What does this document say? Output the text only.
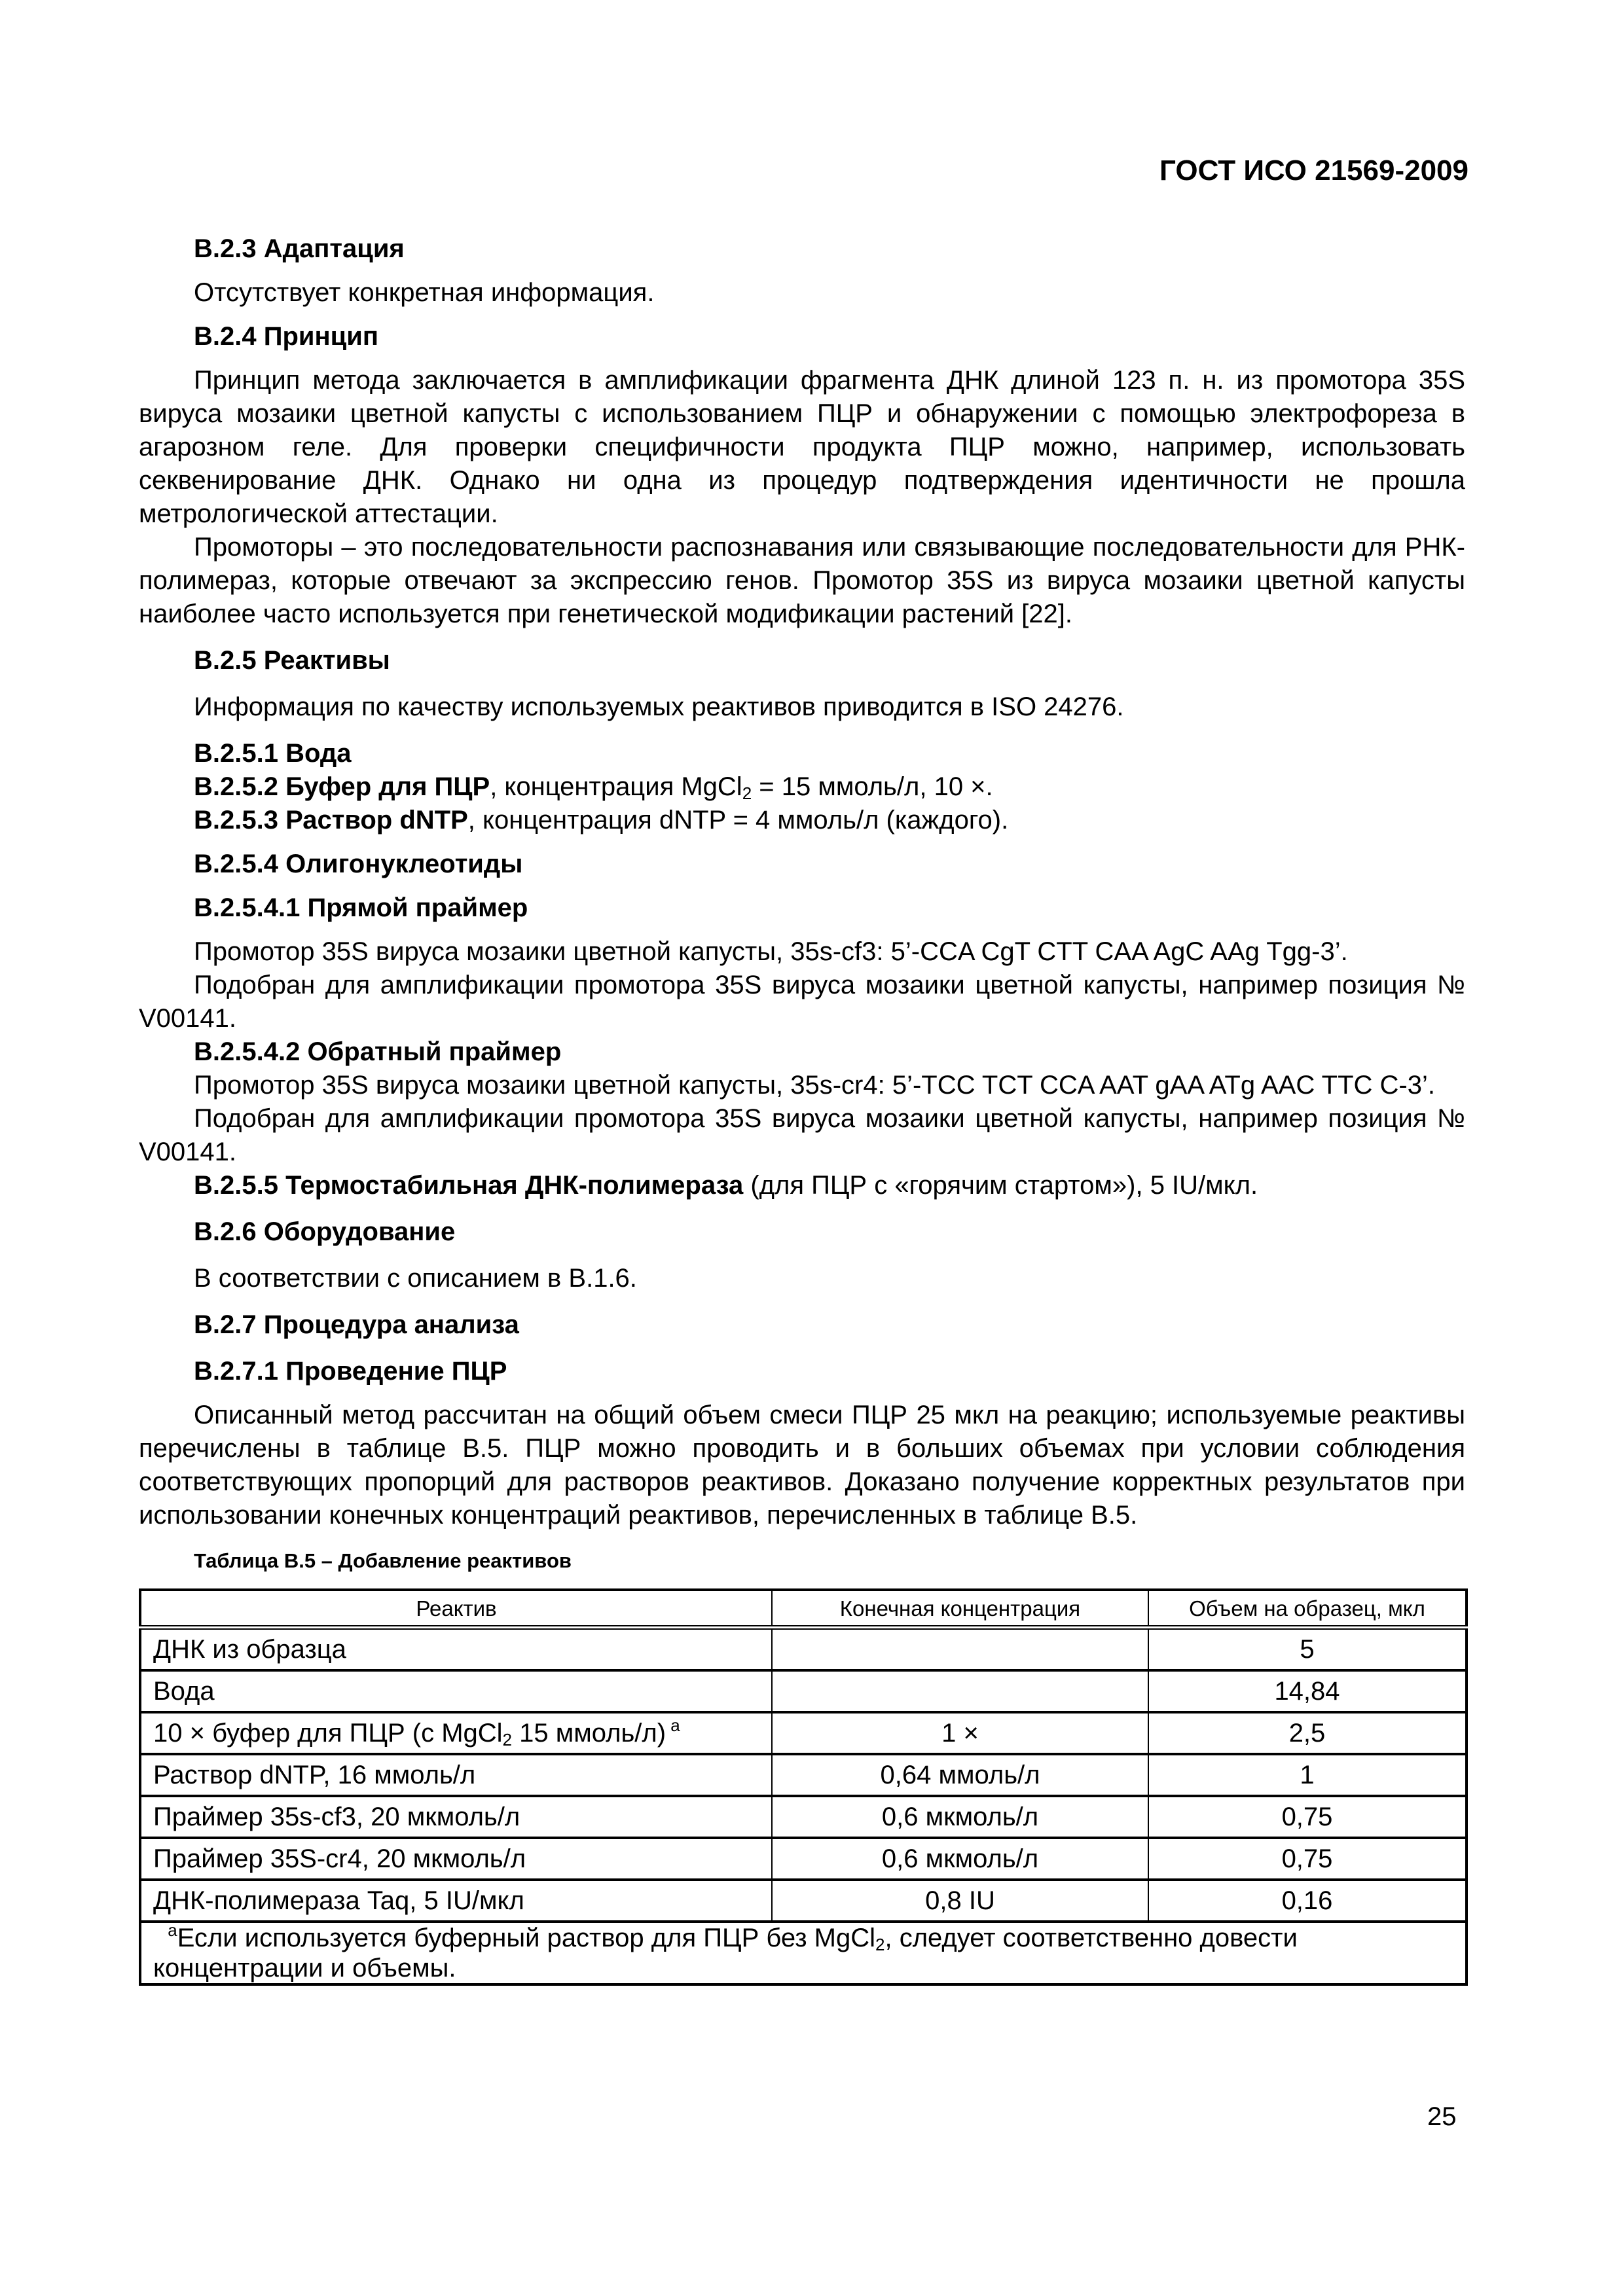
ГОСТ ИСО 21569-2009
В.2.3 Адаптация
Отсутствует конкретная информация.
В.2.4 Принцип
Принцип метода заключается в амплификации фрагмента ДНК длиной 123 п. н. из промотора 35S вируса мозаики цветной капусты с использованием ПЦР и обнаружении с помощью электрофореза в агарозном геле. Для проверки специфичности продукта ПЦР можно, например, использовать секвенирование ДНК. Однако ни одна из процедур подтверждения идентичности не прошла метрологической аттестации.
Промоторы – это последовательности распознавания или связывающие последовательности для РНК-полимераз, которые отвечают за экспрессию генов. Промотор 35S из вируса мозаики цветной капусты наиболее часто используется при генетической модификации растений [22].
В.2.5 Реактивы
Информация по качеству используемых реактивов приводится в ISO 24276.
В.2.5.1 Вода
В.2.5.2 Буфер для ПЦР, концентрация MgCl$_2$ = 15 ммоль/л, 10 ×.
В.2.5.3 Раствор dNTP, концентрация dNTP = 4 ммоль/л (каждого).
В.2.5.4 Олигонуклеотиды
В.2.5.4.1 Прямой праймер
Промотор 35S вируса мозаики цветной капусты, 35s-cf3: 5’-CCA CgT CTT CAA AgC AAg Tgg-3’.
Подобран для амплификации промотора 35S вируса мозаики цветной капусты, например позиция № V00141.
В.2.5.4.2 Обратный праймер
Промотор 35S вируса мозаики цветной капусты, 35s-cr4: 5’-TCC TCT CCA AAT gAA ATg AAC TTC C-3’.
Подобран для амплификации промотора 35S вируса мозаики цветной капусты, например позиция № V00141.
В.2.5.5 Термостабильная ДНК-полимераза (для ПЦР с «горячим стартом»), 5 IU/мкл.
В.2.6 Оборудование
В соответствии с описанием в В.1.6.
В.2.7 Процедура анализа
В.2.7.1 Проведение ПЦР
Описанный метод рассчитан на общий объем смеси ПЦР 25 мкл на реакцию; используемые реактивы перечислены в таблице В.5. ПЦР можно проводить и в больших объемах при условии соблюдения соответствующих пропорций для растворов реактивов. Доказано получение корректных результатов при использовании конечных концентраций реактивов, перечисленных в таблице В.5.
Таблица В.5 – Добавление реактивов
Реактив	Конечная концентрация	Объем на образец, мкл
ДНК из образца		5
Вода		14,84
10 × буфер для ПЦР (с MgCl$_2$ 15 ммоль/л) $^a$	1 ×	2,5
Раствор dNTP, 16 ммоль/л	0,64 ммоль/л	1
Праймер 35s-cf3, 20 мкмоль/л	0,6 мкмоль/л	0,75
Праймер 35S-cr4, 20 мкмоль/л	0,6 мкмоль/л	0,75
ДНК-полимераза Taq, 5 IU/мкл	0,8 IU	0,16
$^a$Если используется буферный раствор для ПЦР без MgCl$_2$, следует соответственно довести концентрации и объемы.		
25
